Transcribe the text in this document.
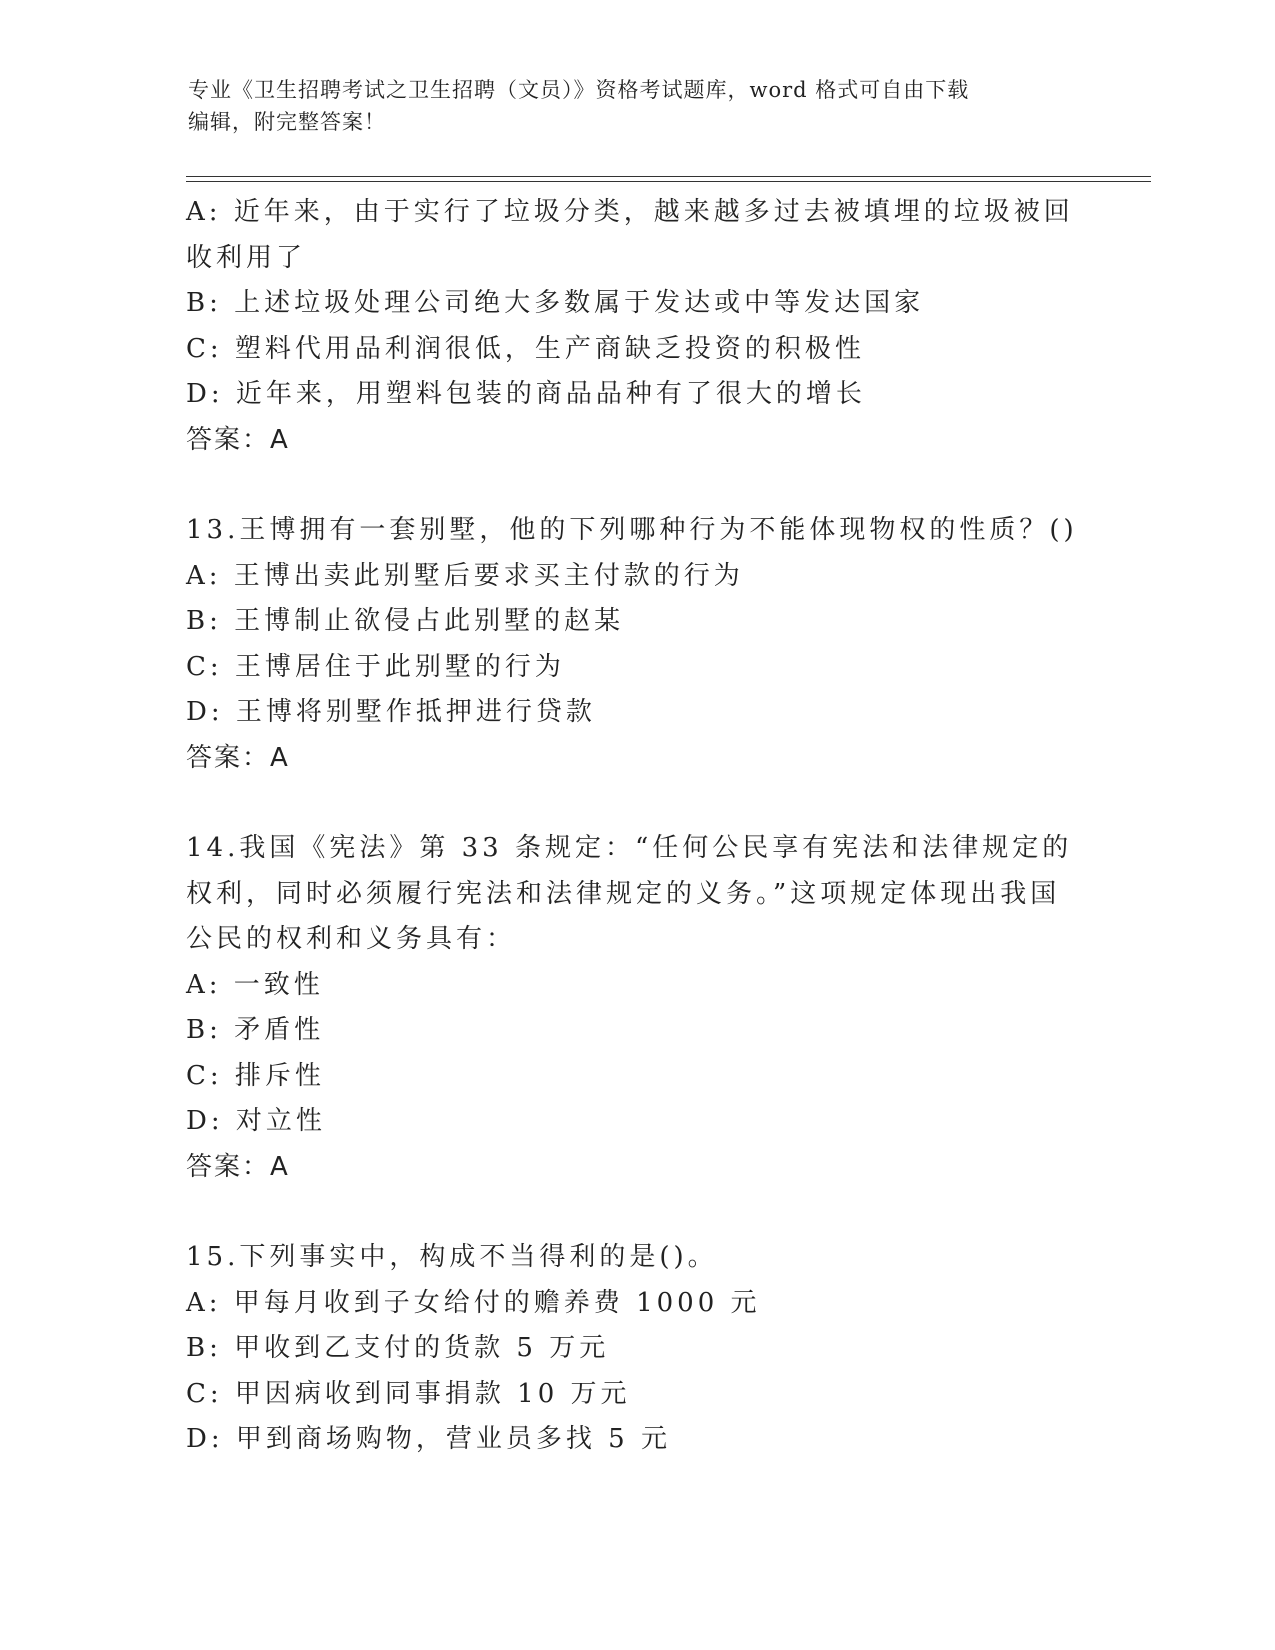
专业《卫生招聘考试之卫生招聘（文员）》资格考试题库，word 格式可自由下载
编辑，附完整答案！
A: 近年来，由于实行了垃圾分类，越来越多过去被填埋的垃圾被回收利用了
B: 上述垃圾处理公司绝大多数属于发达或中等发达国家
C: 塑料代用品利润很低，生产商缺乏投资的积极性
D: 近年来，用塑料包装的商品品种有了很大的增长
答案：A
13.王博拥有一套别墅，他的下列哪种行为不能体现物权的性质？()
A: 王博出卖此别墅后要求买主付款的行为
B: 王博制止欲侵占此别墅的赵某
C: 王博居住于此别墅的行为
D: 王博将别墅作抵押进行贷款
答案：A
14.我国《宪法》第 33 条规定：“任何公民享有宪法和法律规定的权利，同时必须履行宪法和法律规定的义务。”这项规定体现出我国公民的权利和义务具有：
A: 一致性
B: 矛盾性
C: 排斥性
D: 对立性
答案：A
15.下列事实中，构成不当得利的是()。
A: 甲每月收到子女给付的赡养费 1000 元
B: 甲收到乙支付的货款 5 万元
C: 甲因病收到同事捐款 10 万元
D: 甲到商场购物，营业员多找 5 元
